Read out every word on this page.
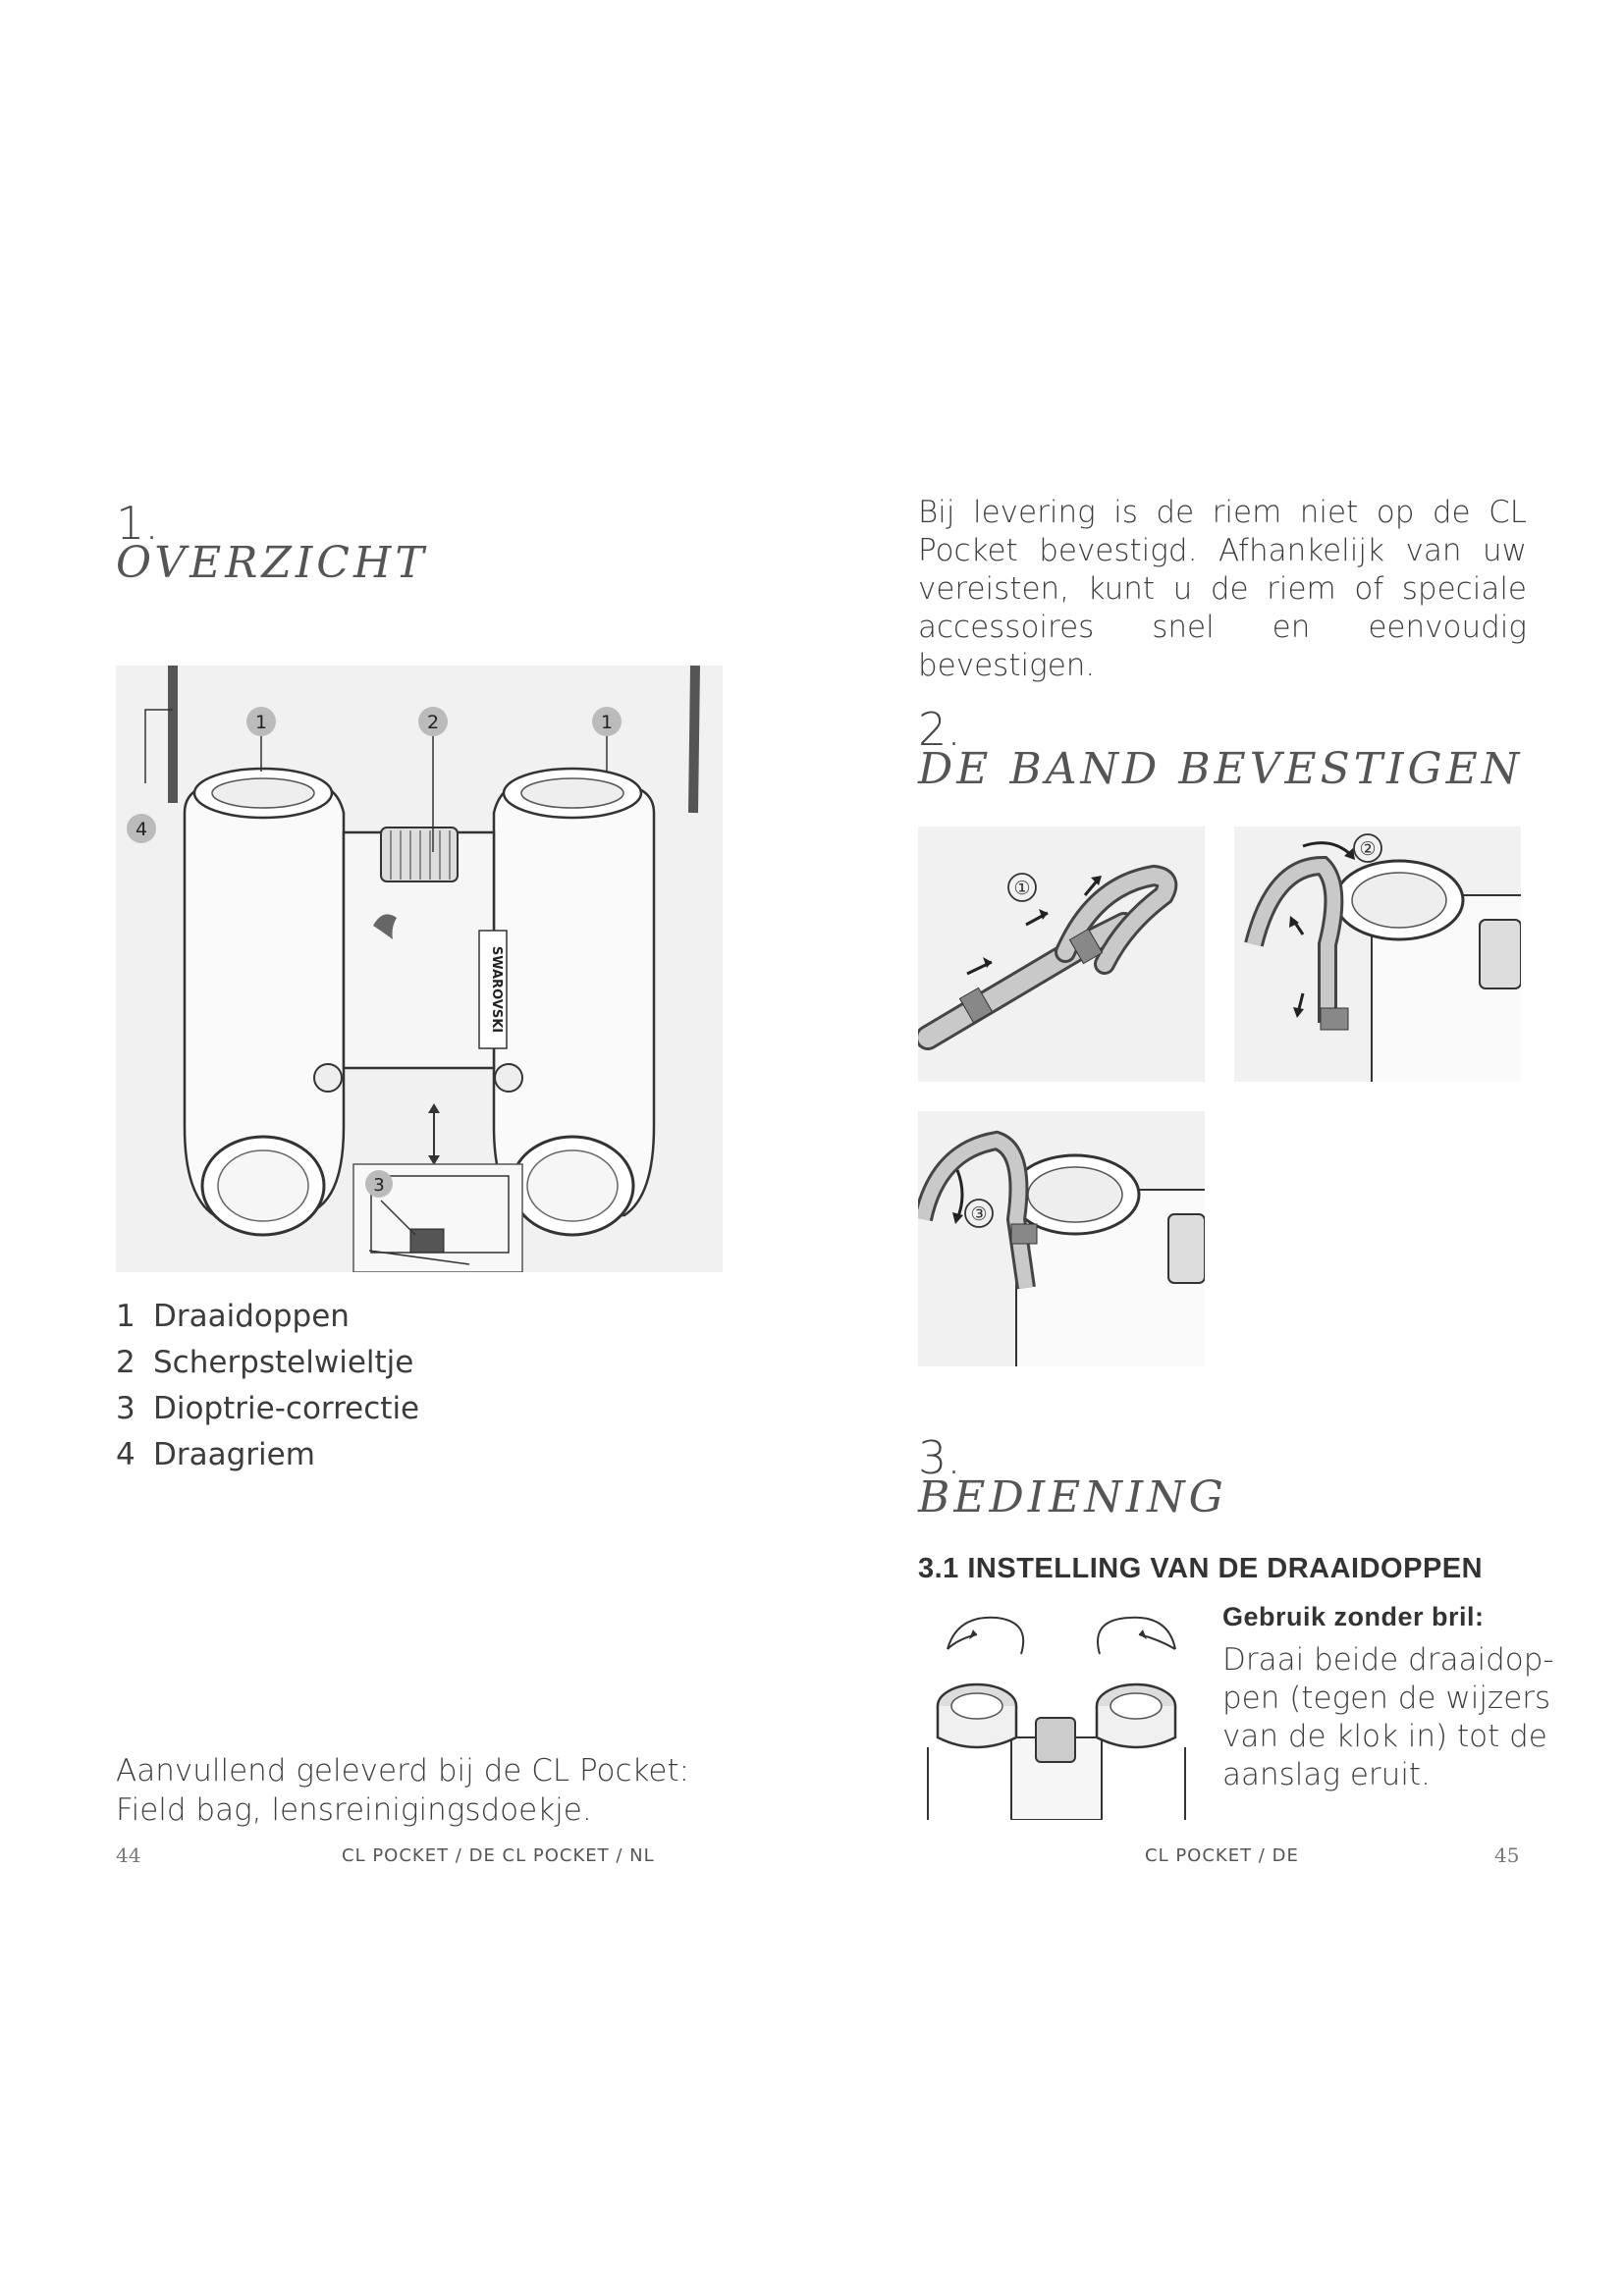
1.
OVERZICHT
SWAROVSKI
1	2	1
4
3
1 Draaidoppen
2 Scherpstelwieltje
3 Dioptrie-correctie
4 Draagriem
Aanvullend geleverd bij de CL Pocket:
Field bag, lensreinigingsdoekje.
44	CL POCKET / DE CL POCKET / NL
Bij levering is de riem niet op de CL Pocket bevestigd. Afhankelijk van uw vereisten, kunt u de riem of speciale accessoires snel en eenvoudig bevestigen.
2.
DE BAND BEVESTIGEN
①
②
③
3.
BEDIENING
3.1 INSTELLING VAN DE DRAAIDOPPEN
Gebruik zonder bril:
Draai beide draaidop-
pen (tegen de wijzers
van de klok in) tot de
aanslag eruit.
CL POCKET / DE	45
